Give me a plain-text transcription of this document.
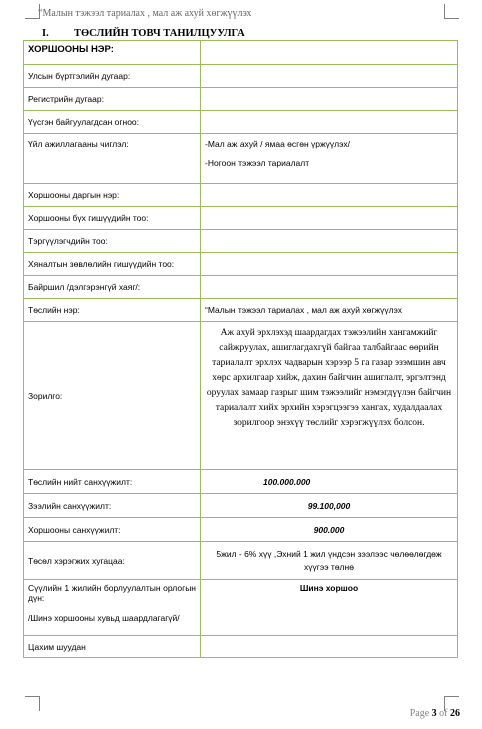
“Малын тэжээл тариалах , мал аж ахуй хөгжүүлэх
I. ТӨСЛИЙН ТОВЧ ТАНИЛЦУУЛГА
ХОРШООНЫ НЭР:	
Улсын бүртгэлийн дугаар:	
Регистрийн дугаар:	
Үүсгэн байгуулагдсан огноо:	
Үйл ажиллагааны чиглэл:	-Мал аж ахуй / ямаа өсгөн үржүүлэх/

-Ногоон тэжээл тариалалт

Хоршооны даргын нэр:	
Хоршооны бүх гишүүдийн тоо:	
Тэргүүлэгчдийн тоо:	
Хяналтын зөвлөлийн гишүүдийн тоо:	
Байршил /дэлгэрэнгүй хаяг/:	
Төслийн нэр:	“Малын тэжээл тариалах , мал аж ахуй хөгжүүлэх
Зорилго:	Аж ахуй эрхлэхэд шаардагдах тэжээлийн хангамжийг сайжруулах, ашиглагдахгүй байгаа талбайгаас өөрийн тариалалт эрхлэх чадварын хэрээр 5 га газар эзэмшин авч хөрс архилгаар хийж, дахин байгчин ашиглалт, эргэлтэнд оруулах замаар газрыг шим тэжээлийг нэмэгдүүлэн байгчин тариалалт хийх эрхийн хэрэгцээгээ хангах, худалдаалах зорилгоор энэхүү төслийг хэрэгжүүлэх болсон.
Төслийн нийт санхүүжилт:	100.000.000
Зээлийн санхүүжилт:	99.100,000
Хоршооны санхүүжилт:	900.000
Төсөл хэрэгжих хугацаа:	5жил - 6% хүү ,Эхний 1 жил үндсэн зээлээс чөлөөлөгдөж хүүгээ төлнө

Сүүлийн 1 жилийн борлуулалтын орлогын дүн:

/Шинэ хоршооны хувьд шаардлагагүй/	Шинэ хоршоо
Цахим шуудан	
Page 3 of 26
